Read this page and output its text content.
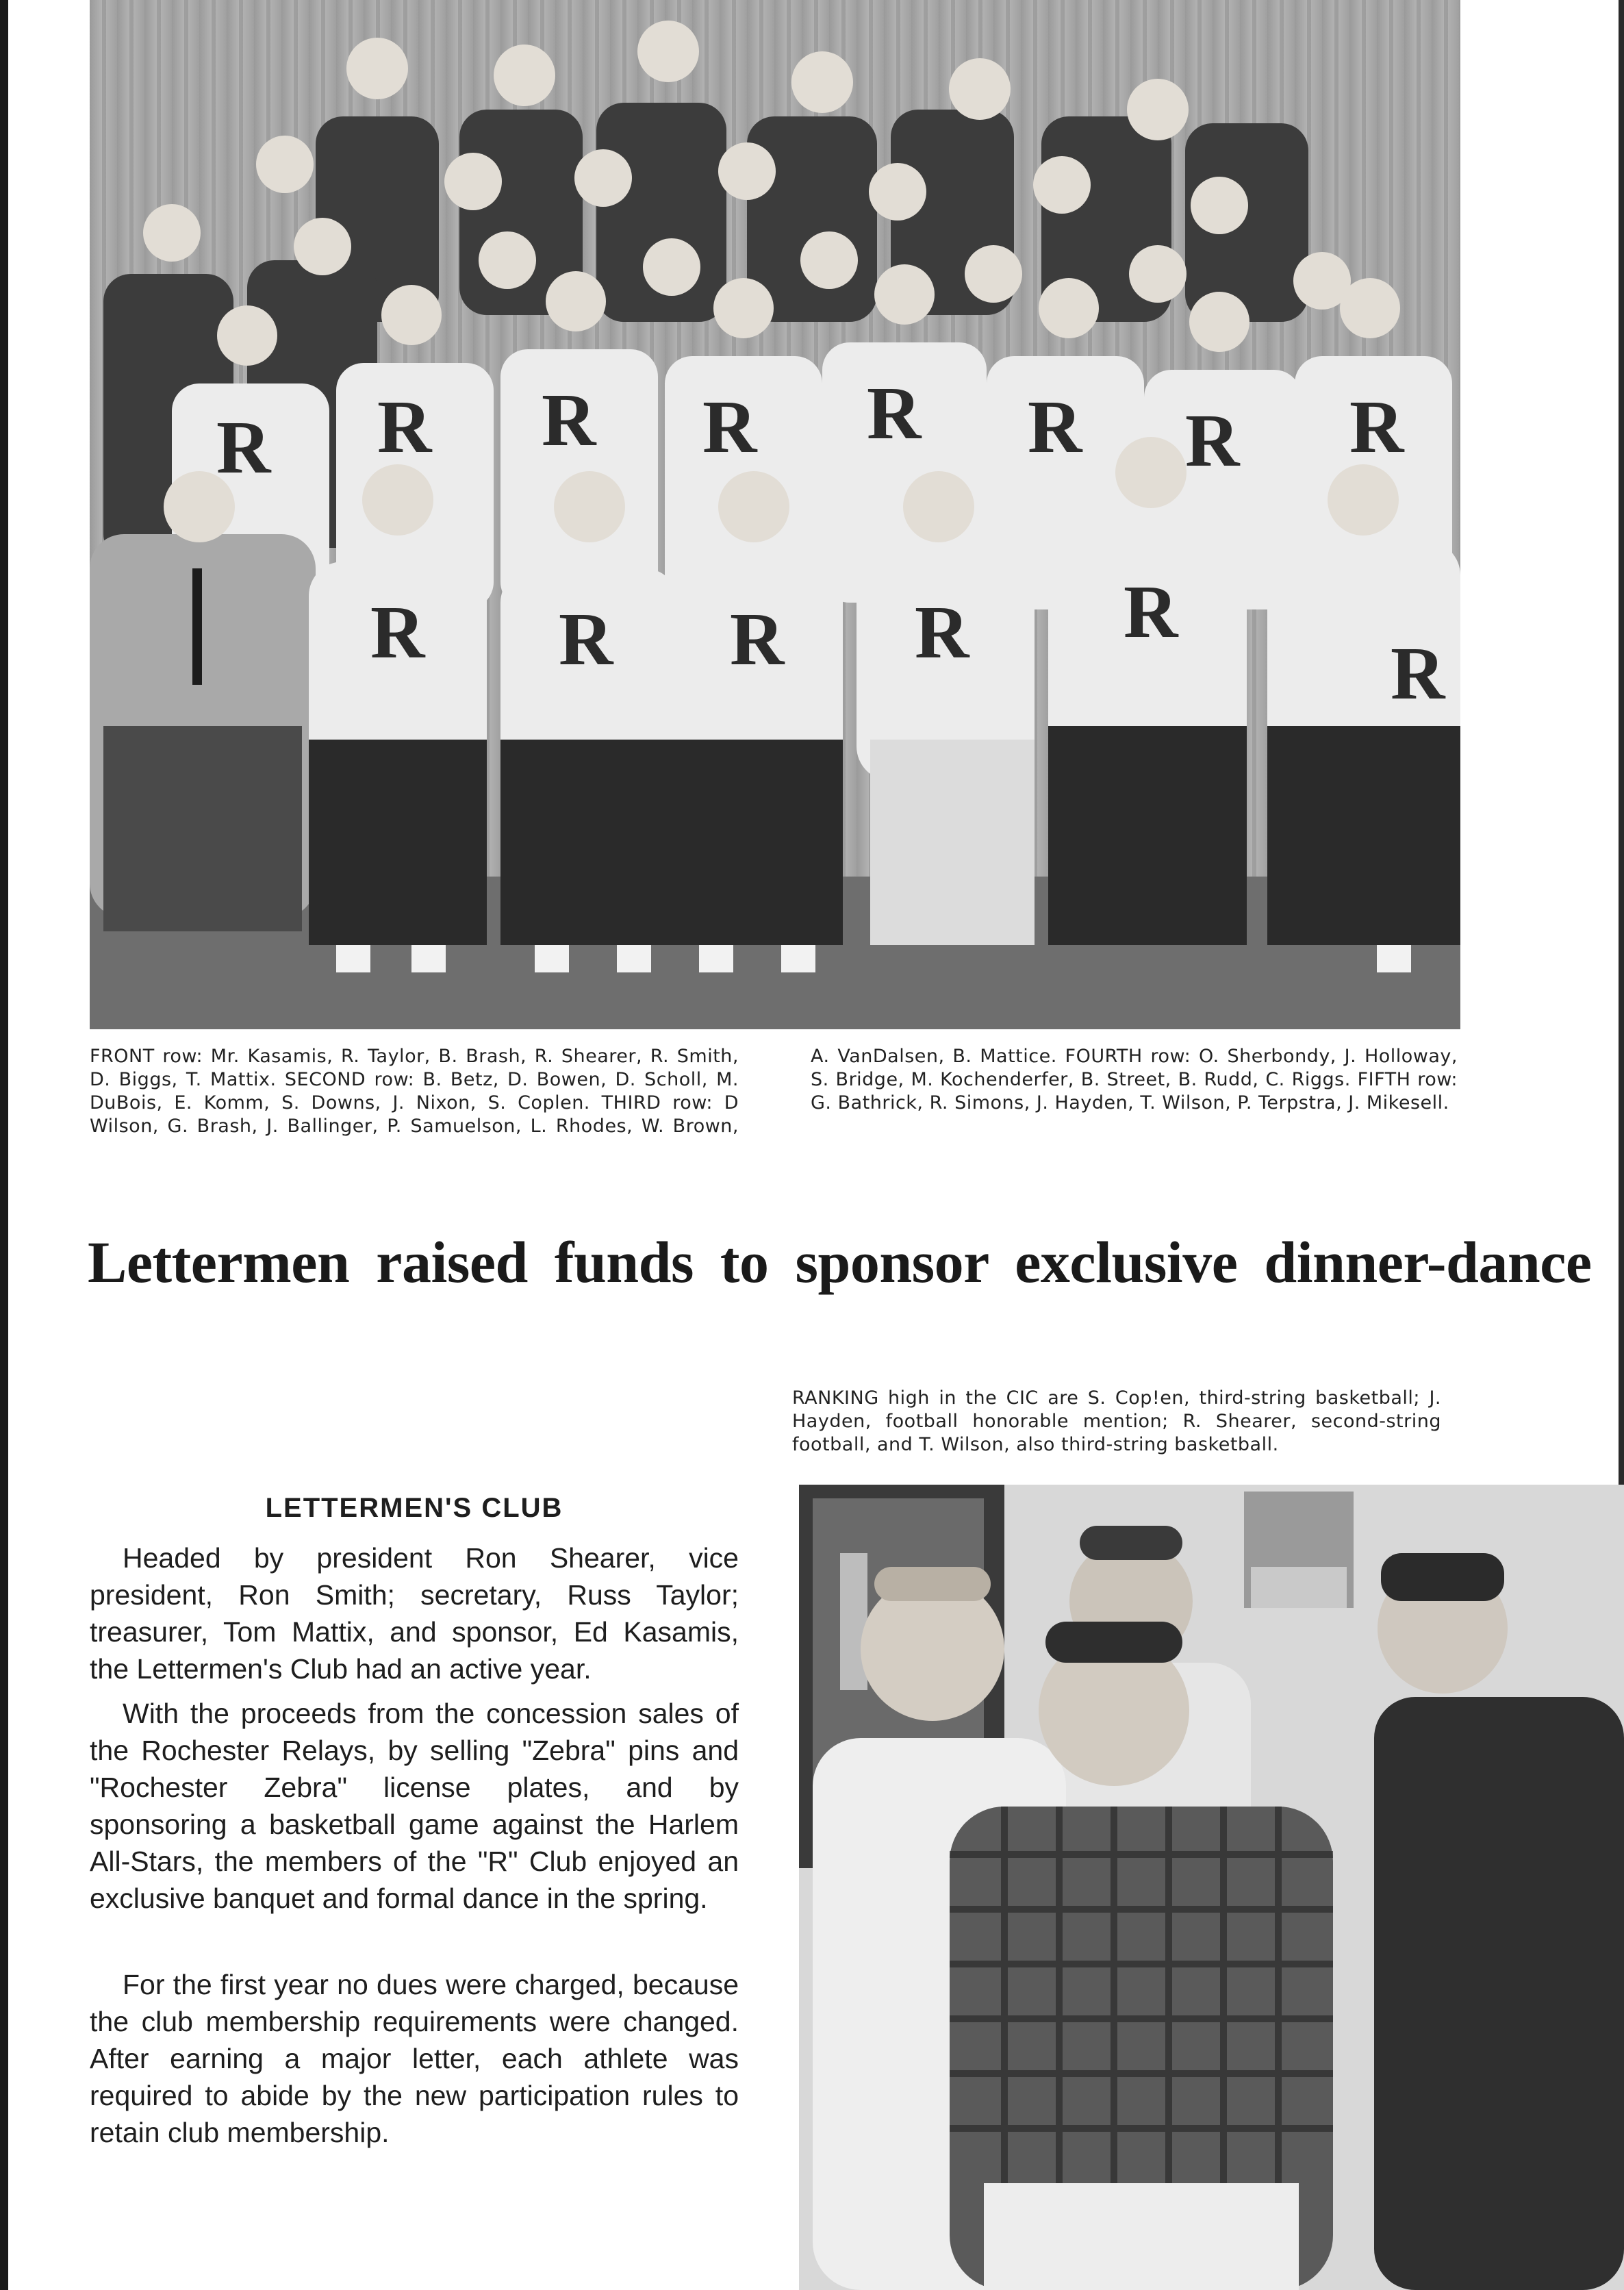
R R R R R R R R
R R R R R
R

FRONT row: Mr. Kasamis, R. Taylor, B. Brash, R. Shearer, R. Smith, D. Biggs, T. Mattix. SECOND row: B. Betz, D. Bowen, D. Scholl, M. DuBois, E. Komm, S. Downs, J. Nixon, S. Coplen. THIRD row: D Wilson, G. Brash, J. Ballinger, P. Samuelson, L. Rhodes, W. Brown,

A. VanDalsen, B. Mattice. FOURTH row: O. Sherbondy, J. Holloway, S. Bridge, M. Kochenderfer, B. Street, B. Rudd, C. Riggs. FIFTH row: G. Bathrick, R. Simons, J. Hayden, T. Wilson, P. Terpstra, J. Mikesell.

Lettermen raised funds to sponsor exclusive dinner-dance

RANKING high in the CIC are S. Cop!en, third-string basketball; J. Hayden, football honorable mention; R. Shearer, second-string football, and T. Wilson, also third-string basketball.

LETTERMEN'S CLUB

Headed by president Ron Shearer, vice president, Ron Smith; secretary, Russ Taylor; treasurer, Tom Mattix, and sponsor, Ed Kasamis, the Lettermen's Club had an active year.

With the proceeds from the concession sales of the Rochester Relays, by selling "Zebra" pins and "Rochester Zebra" license plates, and by sponsoring a basketball game against the Harlem All-Stars, the members of the "R" Club enjoyed an exclusive banquet and formal dance in the spring.

For the first year no dues were charged, because the club membership requirements were changed. After earning a major letter, each athlete was required to abide by the new participation rules to retain club membership.
